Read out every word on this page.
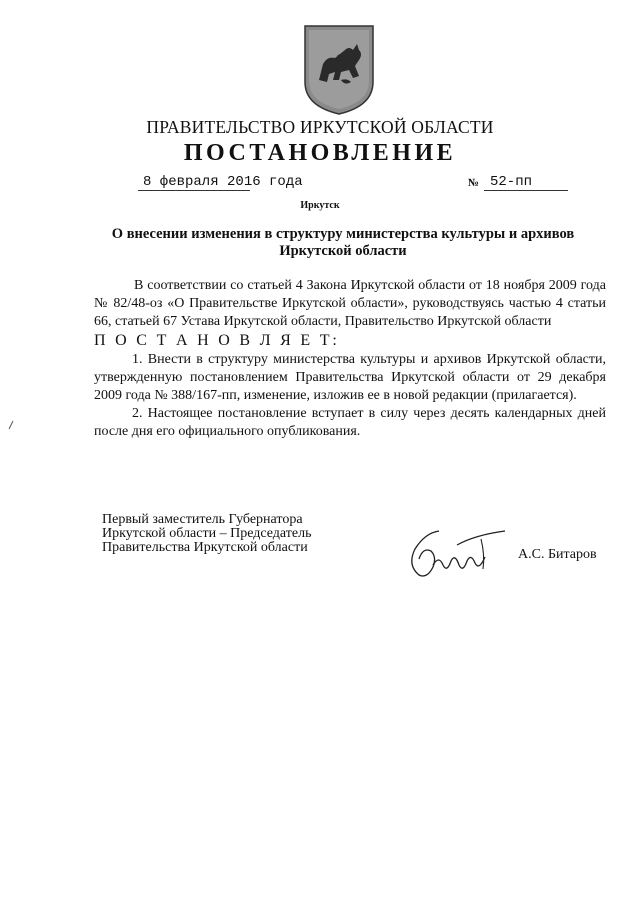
ПРАВИТЕЛЬСТВО ИРКУТСКОЙ ОБЛАСТИ
ПОСТАНОВЛЕНИЕ
8 февраля 2016 года	№ 52-пп
Иркутск
О внесении изменения в структуру министерства культуры и архивов
Иркутской области

В соответствии со статьей 4 Закона Иркутской области от 18 ноября 2009 года № 82/48-оз «О Правительстве Иркутской области», руководствуясь частью 4 статьи 66, статьей 67 Устава Иркутской области, Правительство Иркутской области

П О С Т А Н О В Л Я Е Т:

1. Внести в структуру министерства культуры и архивов Иркутской области, утвержденную постановлением Правительства Иркутской области от 29 декабря 2009 года № 388/167-пп, изменение, изложив ее в новой редакции (прилагается).

2. Настоящее постановление вступает в силу через десять календарных дней после дня его официального опубликования.

Первый заместитель Губернатора
Иркутской области – Председатель
Правительства Иркутской области	А.С. Битаров
